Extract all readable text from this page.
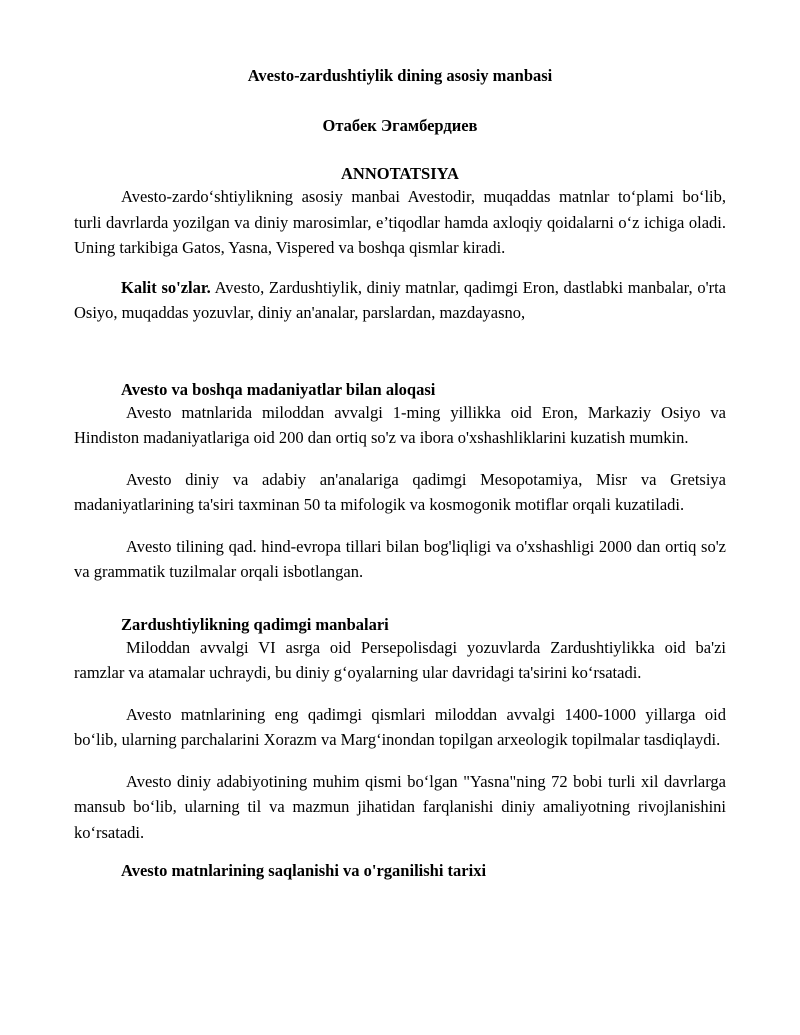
Avesto-zardushtiylik dining asosiy manbasi

Отабек Эгамбердиев

ANNOTATSIYA

Avesto-zardoʻshtiylikning asosiy manbai Avestodir, muqaddas matnlar toʻplami boʻlib, turli davrlarda yozilgan va diniy marosimlar, e’tiqodlar hamda axloqiy qoidalarni oʻz ichiga oladi. Uning tarkibiga Gatos, Yasna, Vispered va boshqa qismlar kiradi.

Kalit so'zlar. Avesto, Zardushtiylik, diniy matnlar, qadimgi Eron, dastlabki manbalar, o'rta Osiyo, muqaddas yozuvlar, diniy an'analar, parslardan, mazdayasno,

Avesto va boshqa madaniyatlar bilan aloqasi

Avesto matnlarida miloddan avvalgi 1-ming yillikka oid Eron, Markaziy Osiyo va Hindiston madaniyatlariga oid 200 dan ortiq so'z va ibora o'xshashliklarini kuzatish mumkin.

Avesto diniy va adabiy an'analariga qadimgi Mesopotamiya, Misr va Gretsiya madaniyatlarining ta'siri taxminan 50 ta mifologik va kosmogonik motiflar orqali kuzatiladi.

Avesto tilining qad. hind-evropa tillari bilan bog'liqligi va o'xshashligi 2000 dan ortiq so'z va grammatik tuzilmalar orqali isbotlangan.

Zardushtiylikning qadimgi manbalari

Miloddan avvalgi VI asrga oid Persepolisdagi yozuvlarda Zardushtiylikka oid ba'zi ramzlar va atamalar uchraydi, bu diniy gʻoyalarning ular davridagi ta'sirini koʻrsatadi.

Avesto matnlarining eng qadimgi qismlari miloddan avvalgi 1400-1000 yillarga oid boʻlib, ularning parchalarini Xorazm va Margʻinondan topilgan arxeologik topilmalar tasdiqlaydi.

Avesto diniy adabiyotining muhim qismi boʻlgan "Yasna"ning 72 bobi turli xil davrlarga mansub boʻlib, ularning til va mazmun jihatidan farqlanishi diniy amaliyotning rivojlanishini koʻrsatadi.

Avesto matnlarining saqlanishi va o'rganilishi tarixi
